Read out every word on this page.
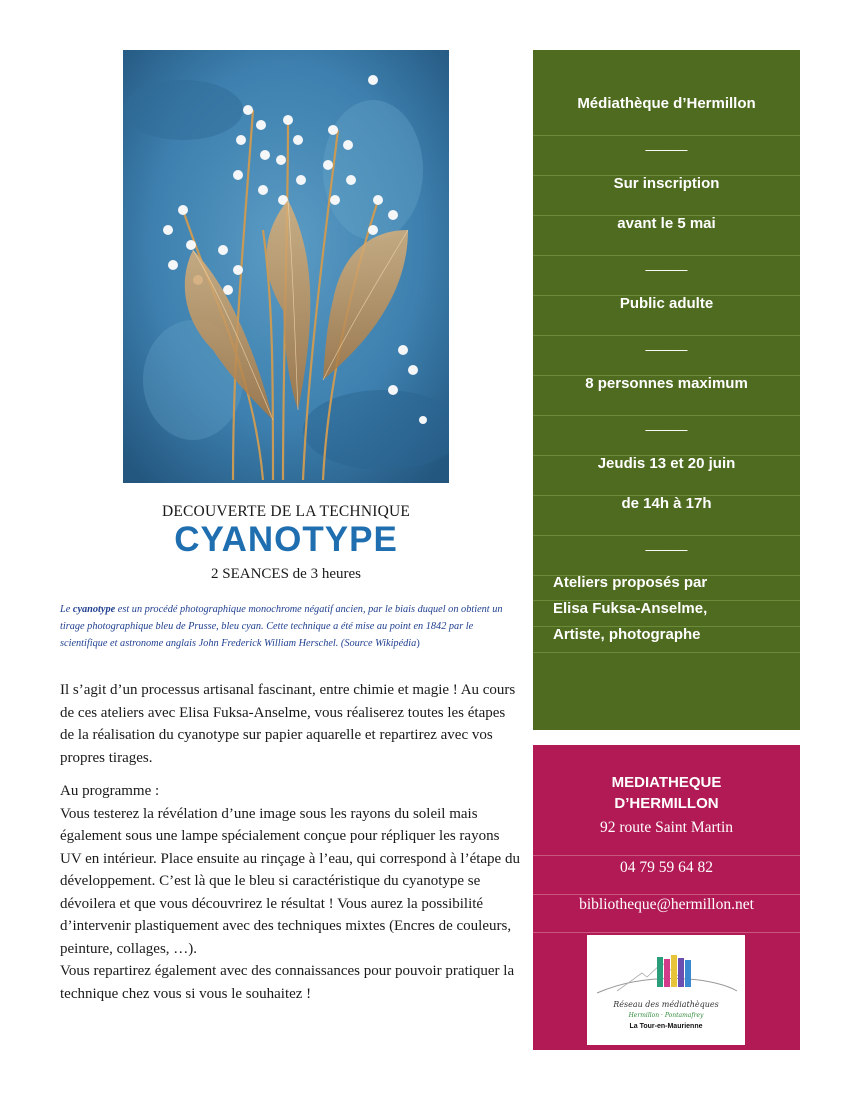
DECOUVERTE DE LA TECHNIQUE
CYANOTYPE
2 SEANCES de 3 heures
Le cyanotype est un procédé photographique monochrome négatif ancien, par le biais duquel on obtient un tirage photographique bleu de Prusse, bleu cyan. Cette technique a été mise au point en 1842 par le scientifique et astronome anglais John Frederick William Herschel. (Source Wikipédia)

Il s’agit d’un processus artisanal fascinant, entre chimie et magie ! Au cours de ces ateliers avec Elisa Fuksa-Anselme, vous réaliserez toutes les étapes de la réalisation du cyanotype sur papier aquarelle et repartirez avec vos propres tirages.

Au programme :
Vous testerez la révélation d’une image sous les rayons du soleil mais également sous une lampe spécialement conçue pour répliquer les rayons UV en intérieur. Place ensuite au rinçage à l’eau, qui correspond à l’étape du développement. C’est là que le bleu si caractéristique du cyanotype se dévoilera et que vous découvrirez le résultat ! Vous aurez la possibilité d’intervenir plastiquement avec des techniques mixtes (Encres de couleurs, peinture, collages, …).
Vous repartirez également avec des connaissances pour pouvoir pratiquer la technique chez vous si vous le souhaitez !
Médiathèque d’Hermillon
_____
Sur inscription
avant le 5 mai
_____
Public adulte
_____
8 personnes maximum
_____
Jeudis 13 et 20 juin
de 14h à 17h
_____
Ateliers proposés par
Elisa Fuksa-Anselme,
Artiste, photographe
MEDIATHEQUE
D’HERMILLON
92 route Saint Martin
04 79 59 64 82
bibliotheque@hermillon.net
Réseau des médiathèques
Hermillon · Pontamafrey
La Tour-en-Maurienne
